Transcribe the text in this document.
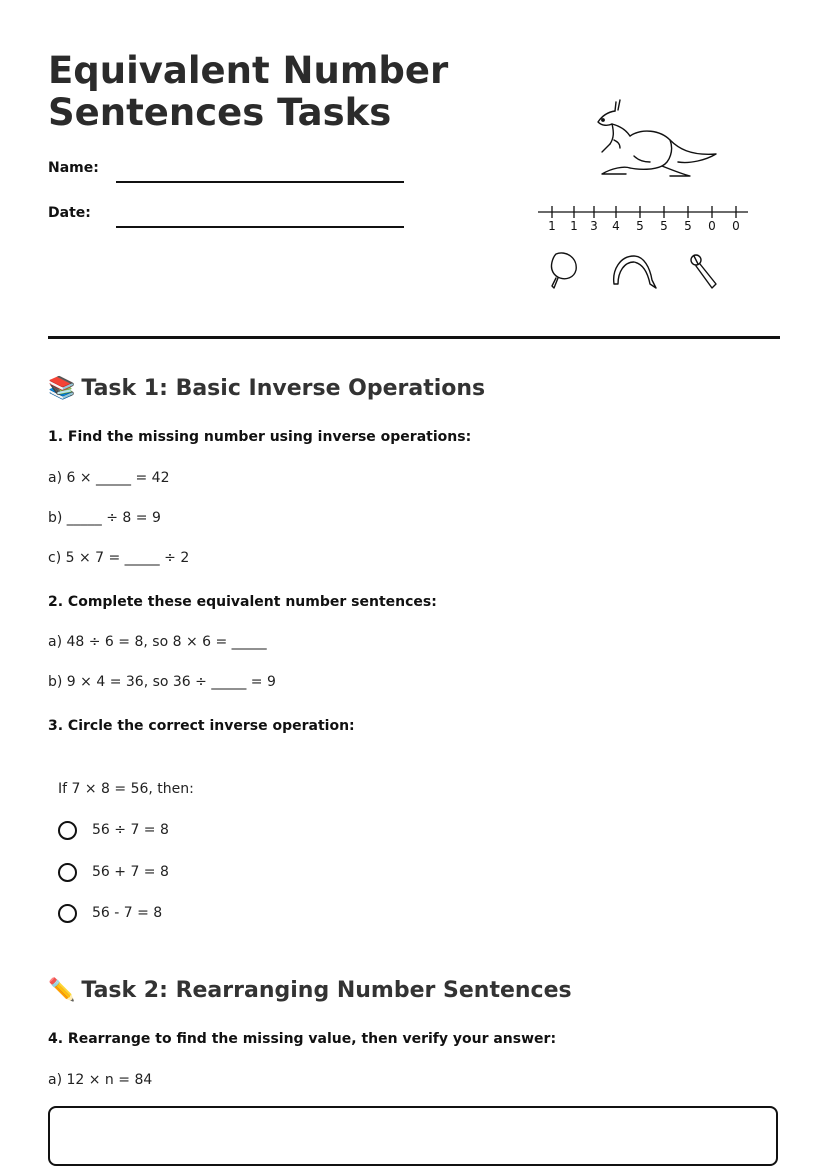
Equivalent Number Sentences Tasks
Name:
Date:
1 1 3 4 5 5 5 0 0
📚 Task 1: Basic Inverse Operations
1. Find the missing number using inverse operations:
a) 6 × _____ = 42
b) _____ ÷ 8 = 9
c) 5 × 7 = _____ ÷ 2
2. Complete these equivalent number sentences:
a) 48 ÷ 6 = 8, so 8 × 6 = _____
b) 9 × 4 = 36, so 36 ÷ _____ = 9
3. Circle the correct inverse operation:
If 7 × 8 = 56, then:
56 ÷ 7 = 8
56 + 7 = 8
56 - 7 = 8
✏️ Task 2: Rearranging Number Sentences
4. Rearrange to find the missing value, then verify your answer:
a) 12 × n = 84
